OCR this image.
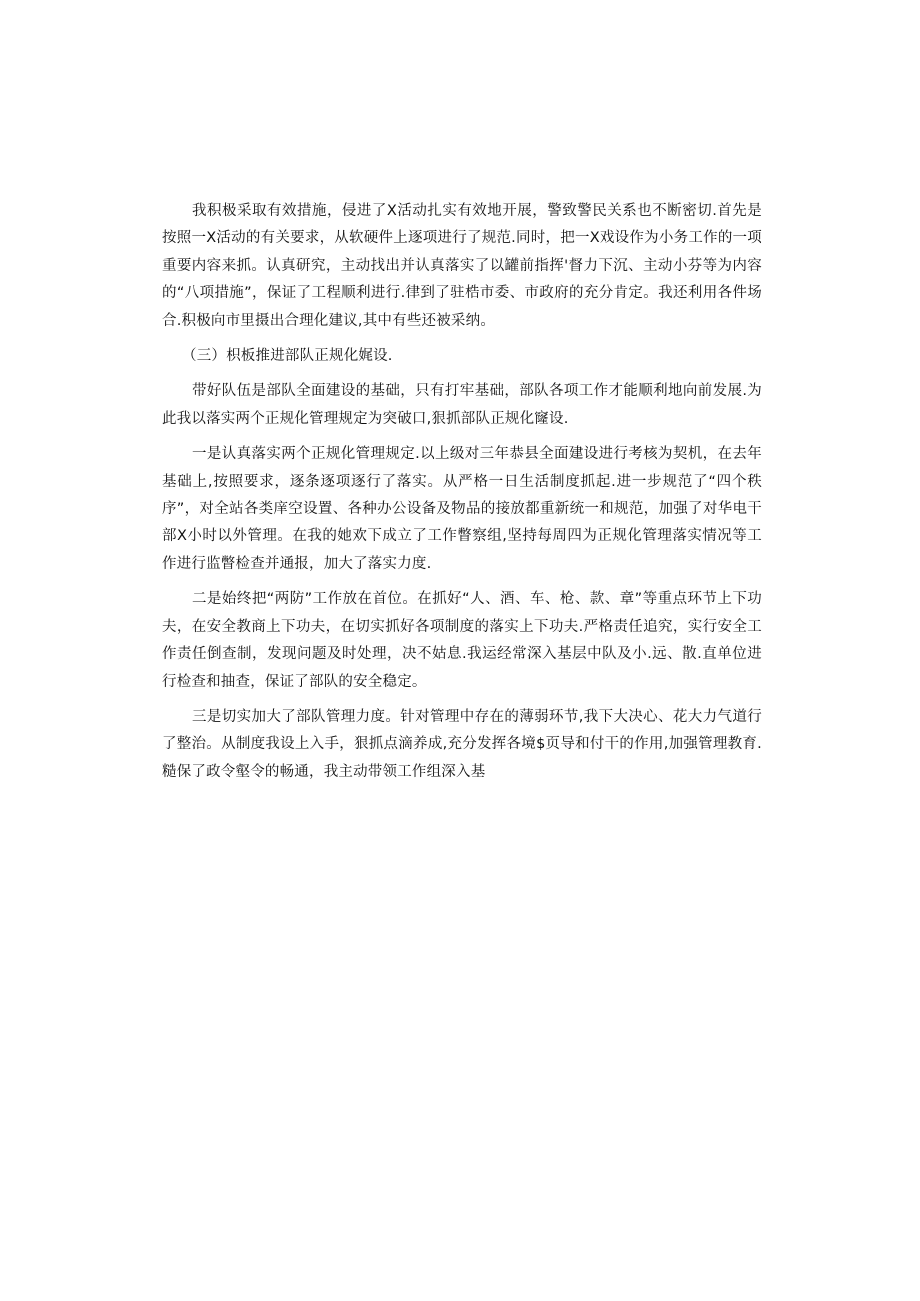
我积极采取有效措施，侵进了X活动扎实有效地开展，警致警民关系也不断密切.首先是按照一X活动的有关要求，从软硬件上逐项进行了规范.同时，把一X戏设作为小务工作的一项重要内容来抓。认真研究，主动找出并认真落实了以罐前指挥'督力下沉、主动小芬等为内容的“八项措施”，保证了工程顺利进行.律到了驻梏市委、市政府的充分肯定。我还利用各件场合.积极向市里摄出合理化建议,其中有些还被采纳。

（三）枳板推进部队正规化娓设.

带好队伍是部队全面建设的基础，只有打牢基础，部队各项工作才能顺利地向前发展.为此我以落实两个正规化管理规定为突破口,狠抓部队正规化窿设.

一是认真落实两个正规化管理规定.以上级对三年恭县全面建设进行考核为契机，在去年基础上,按照要求，逐条逐项逐行了落实。从严格一日生活制度抓起.进一步规范了“四个秩序”，对全站各类庠空设置、各种办公设备及物品的接放都重新统一和规范，加强了对华电干部X小时以外管理。在我的她欢下成立了工作瞥察组,坚持每周四为正规化管理落实情况等工作进行监瞥检查并通报，加大了落实力度.

二是始终把“两防”工作放在首位。在抓好“人、酒、车、枪、款、章”等重点环节上下功夫，在安全教商上下功夫，在切实抓好各项制度的落实上下功夫.严格责任追究，实行安全工作责任倒查制，发现问题及时处理，决不姑息.我运经常深入基层中队及小.远、散.直单位进行检查和抽查，保证了部队的安全稳定。

三是切实加大了部队管理力度。针对管理中存在的薄弱环节,我下大决心、花大力气道行了整治。从制度我设上入手，狠抓点滴养成,充分发挥各境$页导和付干的作用,加强管理教育.糙保了政令壑令的畅通，我主动带领工作组深入基
